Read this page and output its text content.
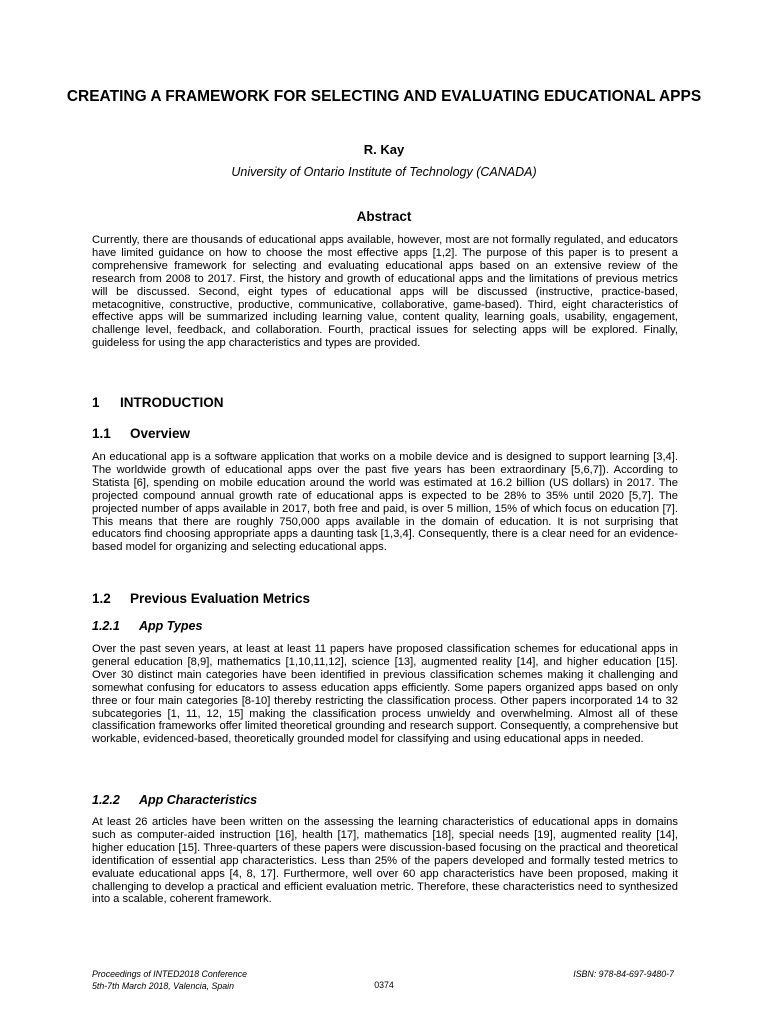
CREATING A FRAMEWORK FOR SELECTING AND EVALUATING EDUCATIONAL APPS

R. Kay

University of Ontario Institute of Technology (CANADA)

Abstract

Currently, there are thousands of educational apps available, however, most are not formally regulated, and educators have limited guidance on how to choose the most effective apps [1,2]. The purpose of this paper is to present a comprehensive framework for selecting and evaluating educational apps based on an extensive review of the research from 2008 to 2017. First, the history and growth of educational apps and the limitations of previous metrics will be discussed. Second, eight types of educational apps will be discussed (instructive, practice-based, metacognitive, constructive, productive, communicative, collaborative, game-based). Third, eight characteristics of effective apps will be summarized including learning value, content quality, learning goals, usability, engagement, challenge level, feedback, and collaboration. Fourth, practical issues for selecting apps will be explored. Finally, guideless for using the app characteristics and types are provided.

1 INTRODUCTION
1.1 Overview

An educational app is a software application that works on a mobile device and is designed to support learning [3,4]. The worldwide growth of educational apps over the past five years has been extraordinary [5,6,7]). According to Statista [6], spending on mobile education around the world was estimated at 16.2 billion (US dollars) in 2017. The projected compound annual growth rate of educational apps is expected to be 28% to 35% until 2020 [5,7]. The projected number of apps available in 2017, both free and paid, is over 5 million, 15% of which focus on education [7]. This means that there are roughly 750,000 apps available in the domain of education. It is not surprising that educators find choosing appropriate apps a daunting task [1,3,4]. Consequently, there is a clear need for an evidence-based model for organizing and selecting educational apps.

1.2 Previous Evaluation Metrics
1.2.1 App Types

Over the past seven years, at least at least 11 papers have proposed classification schemes for educational apps in general education [8,9], mathematics [1,10,11,12], science [13], augmented reality [14], and higher education [15]. Over 30 distinct main categories have been identified in previous classification schemes making it challenging and somewhat confusing for educators to assess education apps efficiently. Some papers organized apps based on only three or four main categories [8-10] thereby restricting the classification process. Other papers incorporated 14 to 32 subcategories [1, 11, 12, 15] making the classification process unwieldy and overwhelming. Almost all of these classification frameworks offer limited theoretical grounding and research support. Consequently, a comprehensive but workable, evidenced-based, theoretically grounded model for classifying and using educational apps in needed.

1.2.2 App Characteristics

At least 26 articles have been written on the assessing the learning characteristics of educational apps in domains such as computer-aided instruction [16], health [17], mathematics [18], special needs [19], augmented reality [14], higher education [15]. Three-quarters of these papers were discussion-based focusing on the practical and theoretical identification of essential app characteristics. Less than 25% of the papers developed and formally tested metrics to evaluate educational apps [4, 8, 17]. Furthermore, well over 60 app characteristics have been proposed, making it challenging to develop a practical and efficient evaluation metric. Therefore, these characteristics need to synthesized into a scalable, coherent framework.

Proceedings of INTED2018 Conference

5th-7th March 2018, Valencia, Spain	0374

ISBN: 978-84-697-9480-7
